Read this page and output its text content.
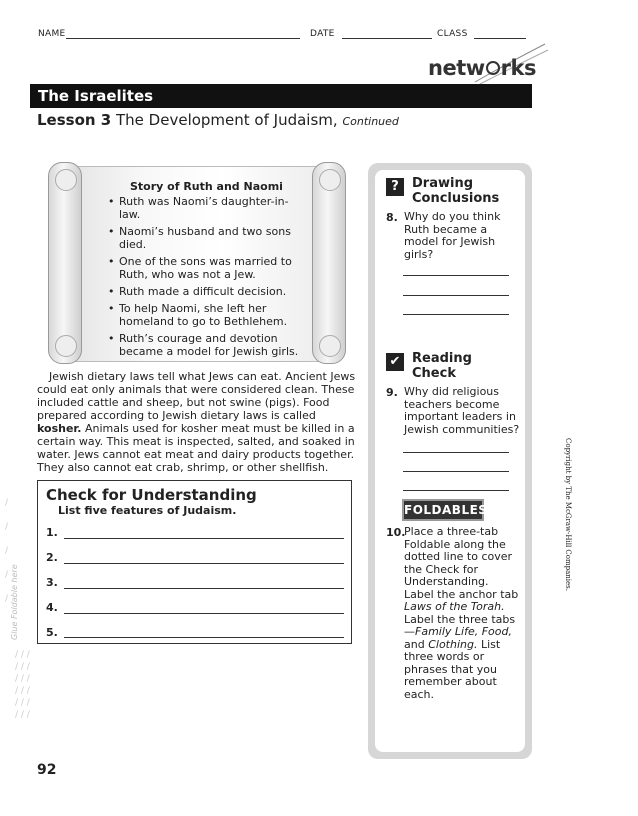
NAME	DATE	CLASS
netw rks
The Israelites
Lesson 3 The Development of Judaism, Continued
Story of Ruth and Naomi
• Ruth was Naomi’s daughter-in-law.
• Naomi’s husband and two sons died.
• One of the sons was married to Ruth, who was not a Jew.
• Ruth made a difficult decision.
• To help Naomi, she left her homeland to go to Bethlehem.
• Ruth’s courage and devotion became a model for Jewish girls.

Jewish dietary laws tell what Jews can eat. Ancient Jews could eat only animals that were considered clean. These included cattle and sheep, but not swine (pigs). Food prepared according to Jewish dietary laws is called kosher. Animals used for kosher meat must be killed in a certain way. This meat is inspected, salted, and soaked in water. Jews cannot eat meat and dairy products together. They also cannot eat crab, shrimp, or other shellfish.

/
/
/
/
/
/ / /
/ / /
/ / /
/ / /
/ / /
/ / /
Glue Foldable here
Check for Understanding
List five features of Judaism.
1.
2.
3.
4.
5.
?	Drawing
Conclusions
8. Why do you think Ruth became a model for Jewish girls?
✔ Reading
Check
9. Why did religious teachers become important leaders in Jewish communities?
FOLDABLES
10.
Place a three-tab Foldable along the dotted line to cover the Check for Understanding. Label the anchor tab Laws of the Torah. Label the three tabs—Family Life, Food, and Clothing. List three words or phrases that you remember about each.
Copyright by The McGraw-Hill Companies.
92
